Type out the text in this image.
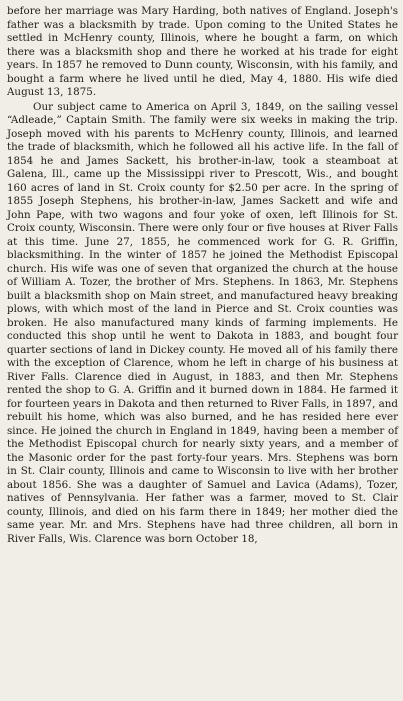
before her marriage was Mary Harding, both natives of England. Joseph's father was a blacksmith by trade. Upon coming to the United States he settled in McHenry county, Illinois, where he bought a farm, on which there was a blacksmith shop and there he worked at his trade for eight years. In 1857 he removed to Dunn county, Wisconsin, with his family, and bought a farm where he lived until he died, May 4, 1880. His wife died August 13, 1875.

Our subject came to America on April 3, 1849, on the sailing vessel “Adleade,” Captain Smith. The family were six weeks in making the trip. Joseph moved with his parents to McHenry county, Illinois, and learned the trade of blacksmith, which he followed all his active life. In the fall of 1854 he and James Sackett, his brother-in-law, took a steamboat at Galena, Ill., came up the Mississippi river to Prescott, Wis., and bought 160 acres of land in St. Croix county for $2.50 per acre. In the spring of 1855 Joseph Stephens, his brother-in-law, James Sackett and wife and John Pape, with two wagons and four yoke of oxen, left Illinois for St. Croix county, Wisconsin. There were only four or five houses at River Falls at this time. June 27, 1855, he commenced work for G. R. Griffin, blacksmithing. In the winter of 1857 he joined the Methodist Episcopal church. His wife was one of seven that organized the church at the house of William A. Tozer, the brother of Mrs. Stephens. In 1863, Mr. Stephens built a blacksmith shop on Main street, and manufactured heavy breaking plows, with which most of the land in Pierce and St. Croix counties was broken. He also manufactured many kinds of farming implements. He conducted this shop until he went to Dakota in 1883, and bought four quarter sections of land in Dickey county. He moved all of his family there with the exception of Clarence, whom he left in charge of his business at River Falls. Clarence died in August, in 1883, and then Mr. Stephens rented the shop to G. A. Griffin and it burned down in 1884. He farmed it for fourteen years in Dakota and then returned to River Falls, in 1897, and rebuilt his home, which was also burned, and he has resided here ever since. He joined the church in England in 1849, having been a member of the Methodist Episcopal church for nearly sixty years, and a member of the Masonic order for the past forty-four years. Mrs. Stephens was born in St. Clair county, Illinois and came to Wisconsin to live with her brother about 1856. She was a daughter of Samuel and Lavica (Adams), Tozer, natives of Pennsylvania. Her father was a farmer, moved to St. Clair county, Illinois, and died on his farm there in 1849; her mother died the same year. Mr. and Mrs. Stephens have had three children, all born in River Falls, Wis. Clarence was born October 18,
